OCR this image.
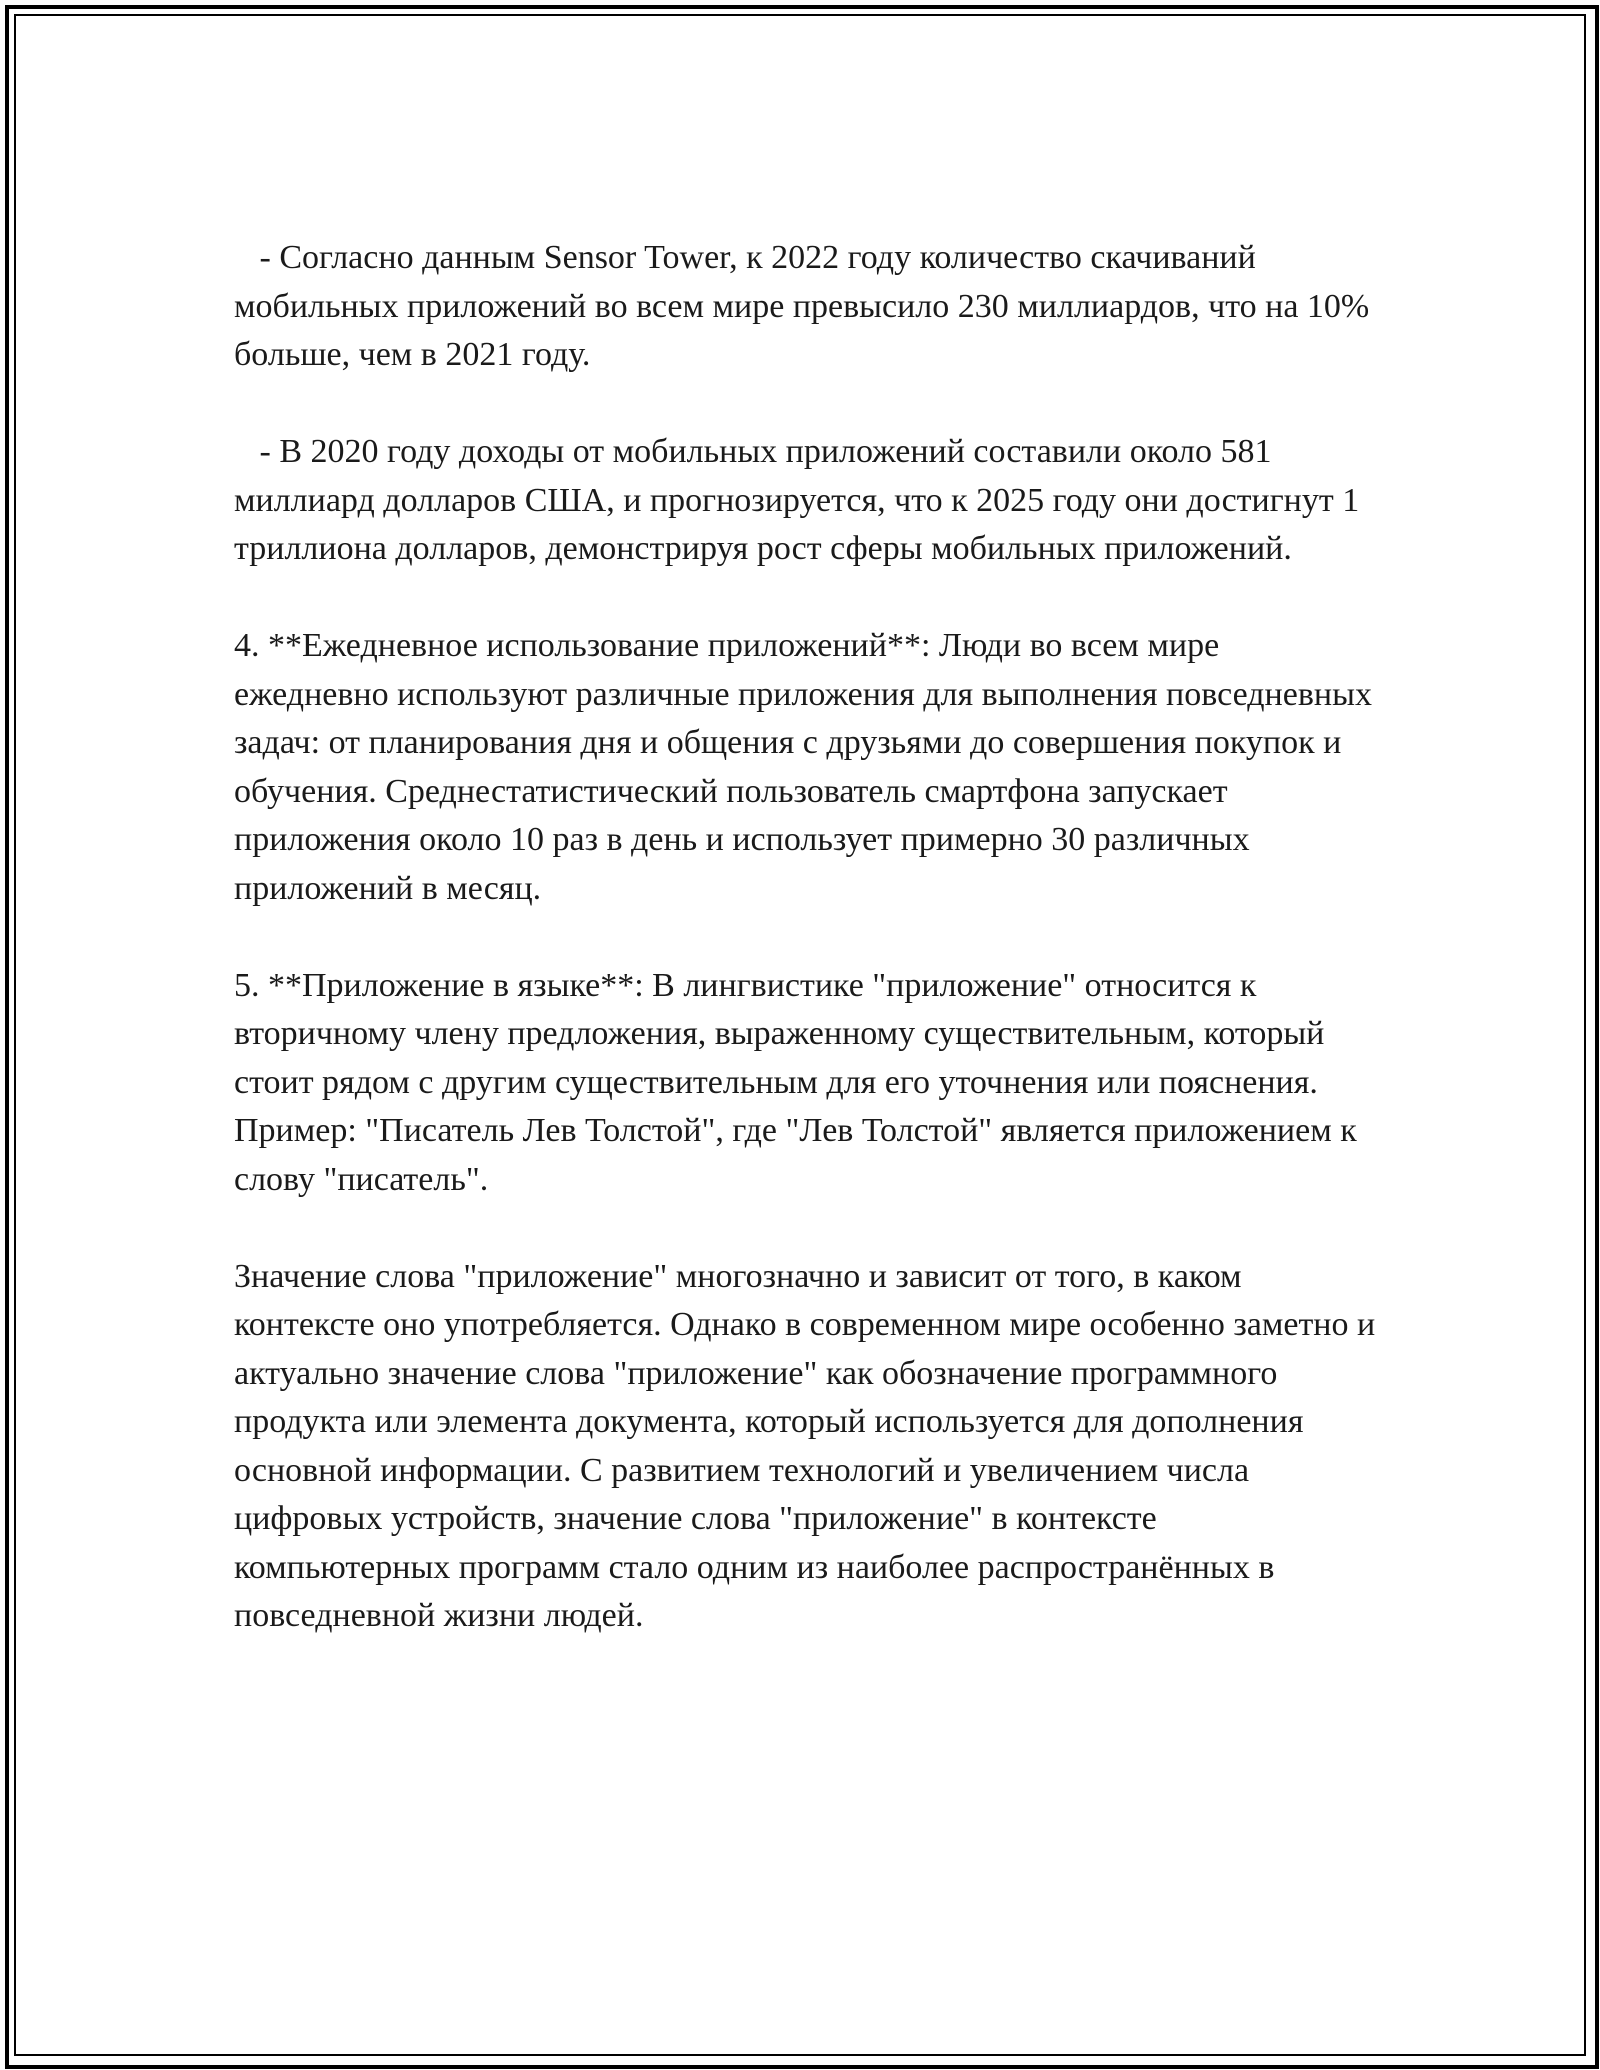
- Согласно данным Sensor Tower, к 2022 году количество скачиваний мобильных приложений во всем мире превысило 230 миллиардов, что на 10% больше, чем в 2021 году.

- В 2020 году доходы от мобильных приложений составили около 581 миллиард долларов США, и прогнозируется, что к 2025 году они достигнут 1 триллиона долларов, демонстрируя рост сферы мобильных приложений.

4. **Ежедневное использование приложений**: Люди во всем мире ежедневно используют различные приложения для выполнения повседневных задач: от планирования дня и общения с друзьями до совершения покупок и обучения. Среднестатистический пользователь смартфона запускает приложения около 10 раз в день и использует примерно 30 различных приложений в месяц.

5. **Приложение в языке**: В лингвистике "приложение" относится к вторичному члену предложения, выраженному существительным, который стоит рядом с другим существительным для его уточнения или пояснения. Пример: "Писатель Лев Толстой", где "Лев Толстой" является приложением к слову "писатель".

Значение слова "приложение" многозначно и зависит от того, в каком контексте оно употребляется. Однако в современном мире особенно заметно и актуально значение слова "приложение" как обозначение программного продукта или элемента документа, который используется для дополнения основной информации. С развитием технологий и увеличением числа цифровых устройств, значение слова "приложение" в контексте компьютерных программ стало одним из наиболее распространённых в повседневной жизни людей.
